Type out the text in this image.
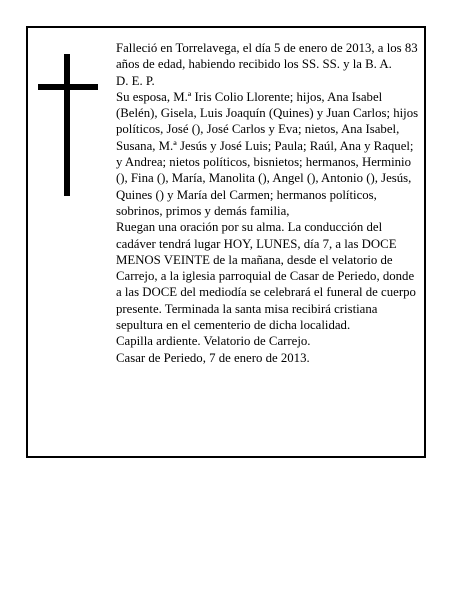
Falleció en Torrelavega, el día 5 de enero de 2013, a los 83 años de edad, habiendo recibido los SS. SS. y la B. A.

D. E. P.

Su esposa, M.ª Iris Colio Llorente; hijos, Ana Isabel (Belén), Gisela, Luis Joaquín (Quines) y Juan Carlos; hijos políticos, José (), José Carlos y Eva; nietos, Ana Isabel, Susana, M.ª Jesús y José Luis; Paula; Raúl, Ana y Raquel; y Andrea; nietos políticos, bisnietos; hermanos, Herminio (), Fina (), María, Manolita (), Angel (), Antonio (), Jesús, Quines () y María del Carmen; hermanos políticos, sobrinos, primos y demás familia,

Ruegan una oración por su alma. La conducción del cadáver tendrá lugar HOY, LUNES, día 7, a las DOCE MENOS VEINTE de la mañana, desde el velatorio de Carrejo, a la iglesia parroquial de Casar de Periedo, donde a las DOCE del mediodía se celebrará el funeral de cuerpo presente. Terminada la santa misa recibirá cristiana sepultura en el cementerio de dicha localidad.

Capilla ardiente. Velatorio de Carrejo.

Casar de Periedo, 7 de enero de 2013.
